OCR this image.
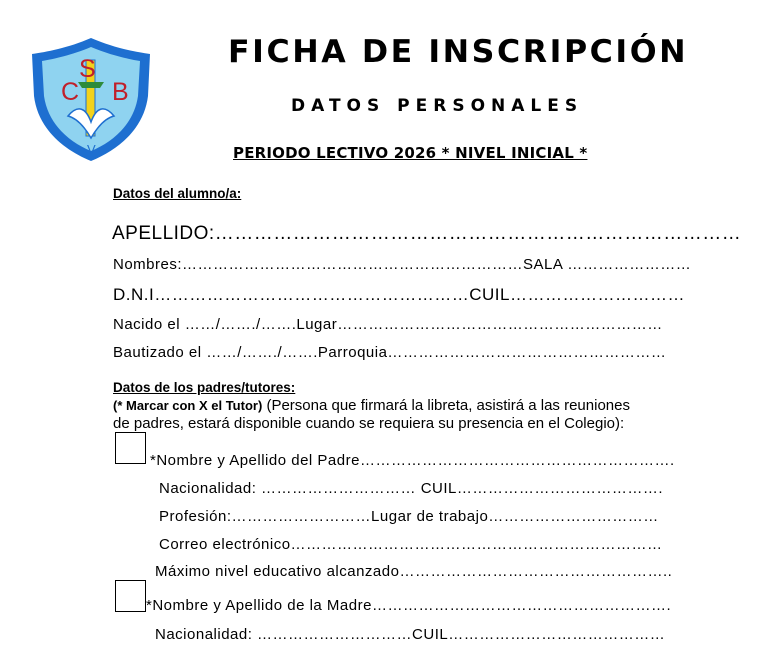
C
S
B
V
FICHA DE INSCRIPCIÓN
DATOS PERSONALES
PERIODO LECTIVO 2026 * NIVEL INICIAL *
Datos del alumno/a:
APELLIDO:………………………………………………………………………
Nombres:…………………………………………………………SALA ……………………
D.N.I………………………………………………CUIL…………………………
Nacido el ……/……./…….Lugar………………………………………………………
Bautizado el ……/……./…….Parroquia………………………………………………
Datos de los padres/tutores:
(* Marcar con X el Tutor) (Persona que firmará la libreta, asistirá a las reuniones
de padres, estará disponible cuando se requiera su presencia en el Colegio):
*Nombre y Apellido del Padre…………………………………………………….
Nacionalidad: ………………………… CUIL………………………………….
Profesión:………………………Lugar de trabajo……………………………
Correo electrónico………………………………………………………………
Máximo nivel educativo alcanzado……………………………………………..
*Nombre y Apellido de la Madre………………………………………………….
Nacionalidad: …………………………CUIL……………………………………
